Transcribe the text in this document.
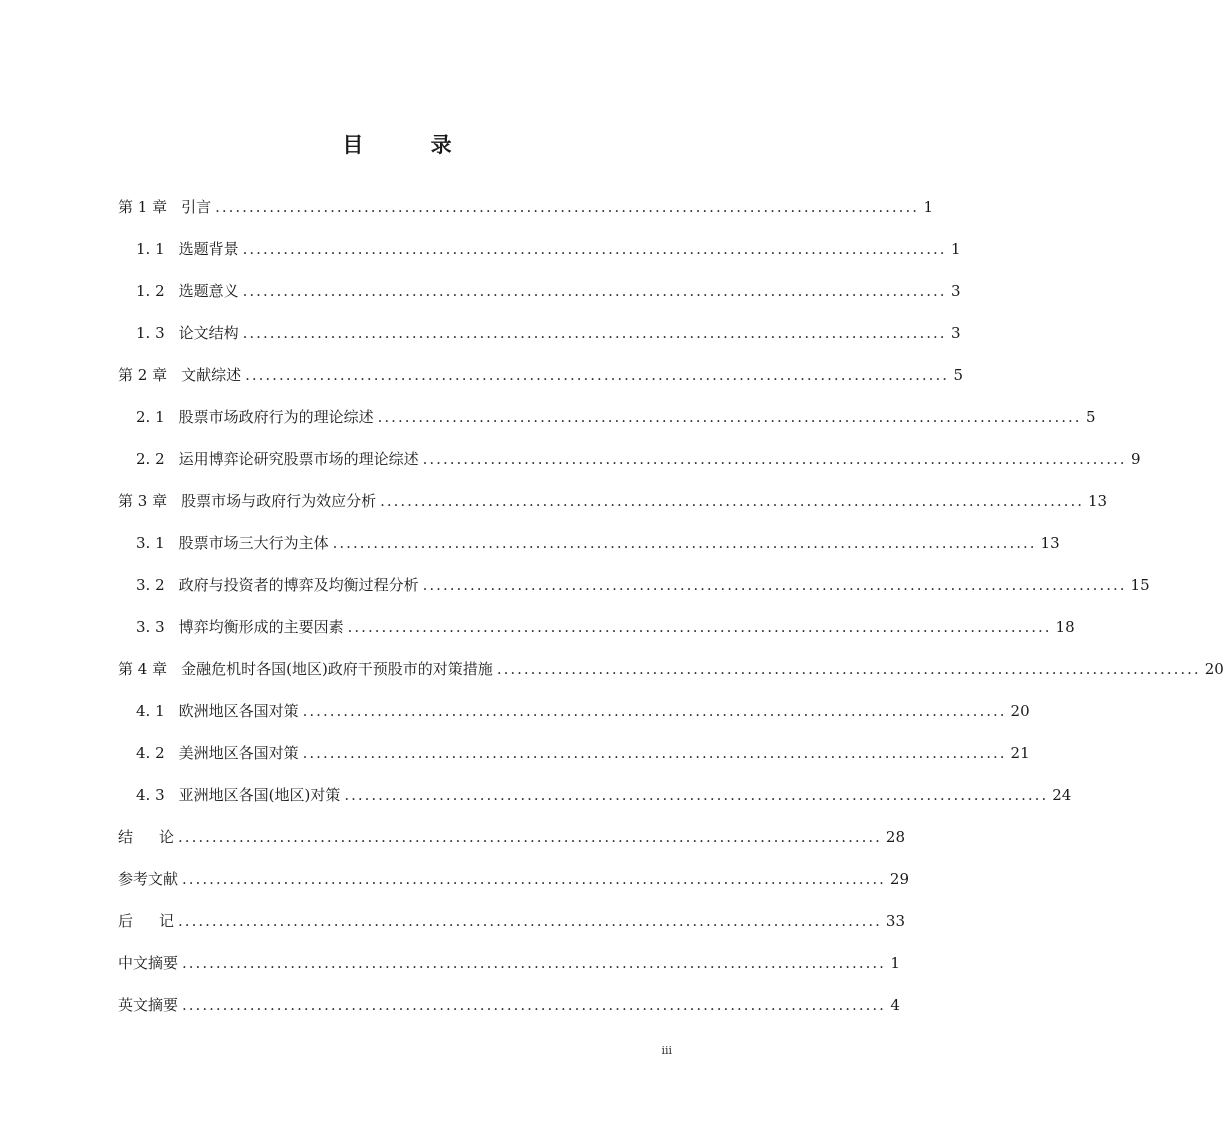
目 录
第 1 章 引言 ........................................................................................................ 1
1. 1 选题背景 ........................................................................................................ 1
1. 2 选题意义 ........................................................................................................ 3
1. 3 论文结构 ........................................................................................................ 3
第 2 章 文献综述 ........................................................................................................ 5
2. 1 股票市场政府行为的理论综述 ........................................................................................................ 5
2. 2 运用博弈论研究股票市场的理论综述 ........................................................................................................ 9
第 3 章 股票市场与政府行为效应分析 ........................................................................................................ 13
3. 1 股票市场三大行为主体 ........................................................................................................ 13
3. 2 政府与投资者的博弈及均衡过程分析 ........................................................................................................ 15
3. 3 博弈均衡形成的主要因素 ........................................................................................................ 18
第 4 章 金融危机时各国(地区)政府干预股市的对策措施 ........................................................................................................ 20
4. 1 欧洲地区各国对策 ........................................................................................................ 20
4. 2 美洲地区各国对策 ........................................................................................................ 21
4. 3 亚洲地区各国(地区)对策 ........................................................................................................ 24
结	论 ........................................................................................................ 28
参考文献 ........................................................................................................ 29
后	记 ........................................................................................................ 33
中文摘要 ........................................................................................................ 1
英文摘要 ........................................................................................................ 4
iii
